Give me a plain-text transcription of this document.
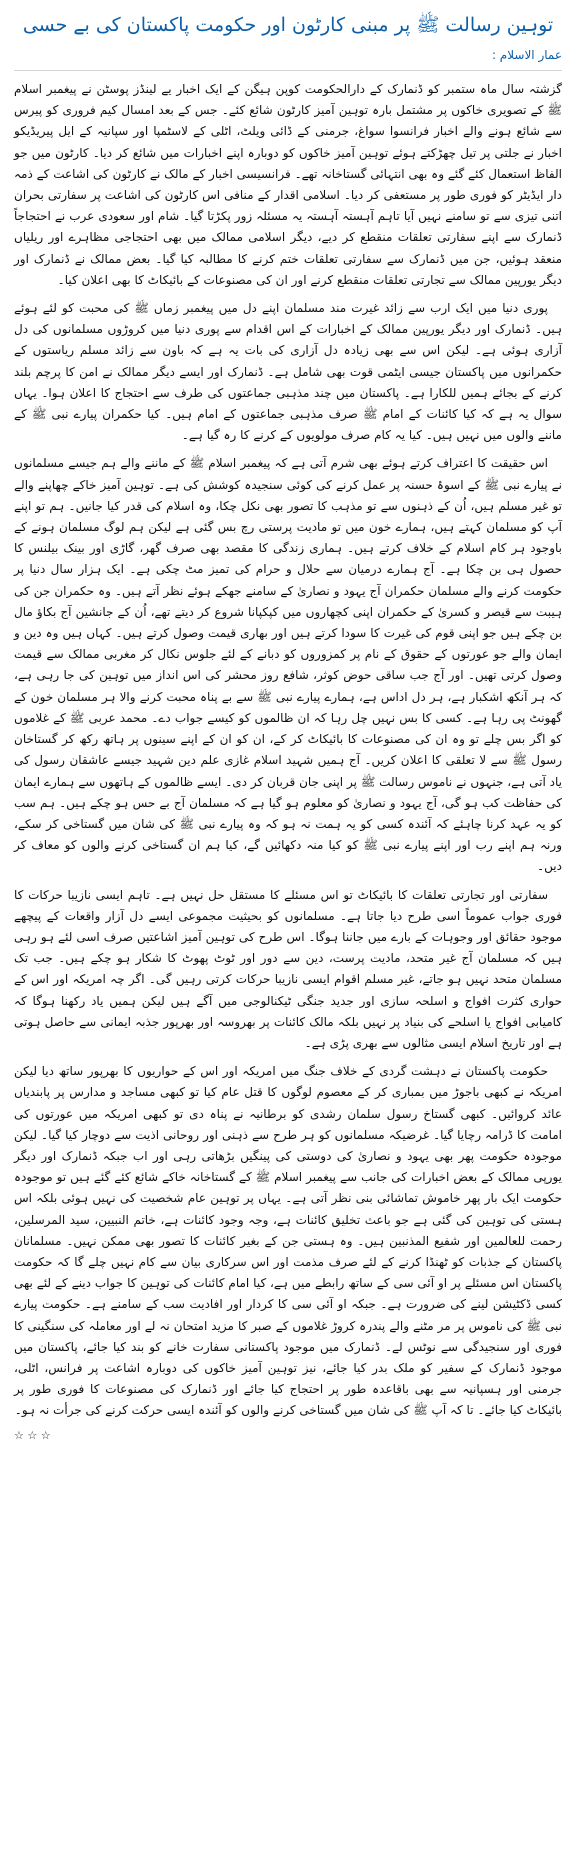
توہین رسالت ﷺ پر مبنی کارٹون اور حکومت پاکستان کی بے حسی
عمار الاسلام :

گزشتہ سال ماہ ستمبر کو ڈنمارک کے دارالحکومت کوپن ہیگن کے ایک اخبار یے لینڈز پوسٹن نے پیغمبر اسلام ﷺ کے تصویری خاکوں پر مشتمل بارہ توہین آمیز کارٹون شائع کئے۔ جس کے بعد امسال کیم فروری کو پیرس سے شائع ہونے والے اخبار فرانسوا سواغ، جرمنی کے ڈائی ویلٹ، اٹلی کے لاسٹمپا اور سپانیہ کے ایل پیریڈیکو اخبار نے جلتی پر تیل چھڑکتے ہوئے توہین آمیز خاکوں کو دوبارہ اپنے اخبارات میں شائع کر دیا۔ کارٹون میں جو الفاظ استعمال کئے گئے وہ بھی انتہائی گستاخانہ تھے۔ فرانسیسی اخبار کے مالک نے کارٹون کی اشاعت کے ذمہ دار ایڈیٹر کو فوری طور پر مستعفی کر دیا۔ اسلامی اقدار کے منافی اس کارٹون کی اشاعت پر سفارتی بحران اتنی تیزی سے تو سامنے نہیں آیا تاہم آہستہ آہستہ یہ مسئلہ زور پکڑتا گیا۔ شام اور سعودی عرب نے احتجاجاً ڈنمارک سے اپنے سفارتی تعلقات منقطع کر دیے، دیگر اسلامی ممالک میں بھی احتجاجی مظاہرے اور ریلیاں منعقد ہوئیں، جن میں ڈنمارک سے سفارتی تعلقات ختم کرنے کا مطالبہ کیا گیا۔ بعض ممالک نے ڈنمارک اور دیگر یورپین ممالک سے تجارتی تعلقات منقطع کرنے اور ان کی مصنوعات کے بائیکاٹ کا بھی اعلان کیا۔

پوری دنیا میں ایک ارب سے زائد غیرت مند مسلمان اپنے دل میں پیغمبر زماں ﷺ کی محبت کو لئے ہوئے ہیں۔ ڈنمارک اور دیگر یورپین ممالک کے اخبارات کے اس اقدام سے پوری دنیا میں کروڑوں مسلمانوں کی دل آزاری ہوئی ہے۔ لیکن اس سے بھی زیادہ دل آزاری کی بات یہ ہے کہ باون سے زائد مسلم ریاستوں کے حکمرانوں میں پاکستان جیسی ایٹمی قوت بھی شامل ہے۔ ڈنمارک اور ایسے دیگر ممالک نے امن کا پرچم بلند کرنے کے بجائے ہمیں للکارا ہے۔ پاکستان میں چند مذہبی جماعتوں کی طرف سے احتجاج کا اعلان ہوا۔ یہاں سوال یہ ہے کہ کیا کائنات کے امام ﷺ صرف مذہبی جماعتوں کے امام ہیں۔ کیا حکمران پیارے نبی ﷺ کے ماننے والوں میں نہیں ہیں۔ کیا یہ کام صرف مولویوں کے کرنے کا رہ گیا ہے۔

اس حقیقت کا اعتراف کرتے ہوئے بھی شرم آتی ہے کہ پیغمبر اسلام ﷺ کے ماننے والے ہم جیسے مسلمانوں نے پیارے نبی ﷺ کے اسوۂ حسنہ پر عمل کرنے کی کوئی سنجیدہ کوشش کی ہے۔ توہین آمیز خاکے چھاپنے والے تو غیر مسلم ہیں، اُن کے ذہنوں سے تو مذہب کا تصور بھی نکل چکا، وہ اسلام کی قدر کیا جانیں۔ ہم تو اپنے آپ کو مسلمان کہتے ہیں، ہمارے خون میں تو مادیت پرستی رچ بس گئی ہے لیکن ہم لوگ مسلمان ہونے کے باوجود ہر کام اسلام کے خلاف کرتے ہیں۔ ہماری زندگی کا مقصد بھی صرف گھر، گاڑی اور بینک بیلنس کا حصول ہی بن چکا ہے۔ آج ہمارے درمیان سے حلال و حرام کی تمیز مٹ چکی ہے۔ ایک ہزار سال دنیا پر حکومت کرنے والے مسلمان حکمران آج یہود و نصاریٰ کے سامنے جھکے ہوئے نظر آتے ہیں۔ وہ حکمران جن کی ہیبت سے قیصر و کسریٰ کے حکمران اپنی کچھاروں میں کپکپانا شروع کر دیتے تھے، اُن کے جانشین آج بکاؤ مال بن چکے ہیں جو اپنی قوم کی غیرت کا سودا کرتے ہیں اور بھاری قیمت وصول کرتے ہیں۔ کہاں ہیں وہ دین و ایمان والے جو عورتوں کے حقوق کے نام پر کمزوروں کو دبانے کے لئے جلوس نکال کر مغربی ممالک سے قیمت وصول کرتی تھیں۔ اور آج جب ساقی حوض کوثر، شافع روز محشر کی اس انداز میں توہین کی جا رہی ہے، کہ ہر آنکھ اشکبار ہے، ہر دل اداس ہے، ہمارے پیارے نبی ﷺ سے بے پناہ محبت کرنے والا ہر مسلمان خون کے گھونٹ پی رہا ہے۔ کسی کا بس نہیں چل رہا کہ ان ظالموں کو کیسے جواب دے۔ محمد عربی ﷺ کے غلاموں کو اگر بس چلے تو وہ ان کی مصنوعات کا بائیکاٹ کر کے، ان کو ان کے اپنے سینوں پر ہاتھ رکھ کر گستاخان رسول ﷺ سے لا تعلقی کا اعلان کریں۔ آج ہمیں شہید اسلام غازی علم دین شہید جیسے عاشقان رسول کی یاد آتی ہے، جنہوں نے ناموس رسالت ﷺ پر اپنی جان قربان کر دی۔ ایسے ظالموں کے ہاتھوں سے ہمارے ایمان کی حفاظت کب ہو گی، آج یہود و نصاریٰ کو معلوم ہو گیا ہے کہ مسلمان آج بے حس ہو چکے ہیں۔ ہم سب کو یہ عہد کرنا چاہئے کہ آئندہ کسی کو یہ ہمت نہ ہو کہ وہ پیارے نبی ﷺ کی شان میں گستاخی کر سکے، ورنہ ہم اپنے رب اور اپنے پیارے نبی ﷺ کو کیا منہ دکھائیں گے، کیا ہم ان گستاخی کرنے والوں کو معاف کر دیں۔

سفارتی اور تجارتی تعلقات کا بائیکاٹ تو اس مسئلے کا مستقل حل نہیں ہے۔ تاہم ایسی نازیبا حرکات کا فوری جواب عموماً اسی طرح دیا جاتا ہے۔ مسلمانوں کو بحیثیت مجموعی ایسے دل آزار واقعات کے پیچھے موجود حقائق اور وجوہات کے بارے میں جاننا ہوگا۔ اس طرح کی توہین آمیز اشاعتیں صرف اسی لئے ہو رہی ہیں کہ مسلمان آج غیر متحد، مادیت پرست، دین سے دور اور ٹوٹ پھوٹ کا شکار ہو چکے ہیں۔ جب تک مسلمان متحد نہیں ہو جاتے، غیر مسلم اقوام ایسی نازیبا حرکات کرتی رہیں گی۔ اگر چہ امریکہ اور اس کے حواری کثرت افواج و اسلحہ سازی اور جدید جنگی ٹیکنالوجی میں آگے ہیں لیکن ہمیں یاد رکھنا ہوگا کہ کامیابی افواج یا اسلحے کی بنیاد پر نہیں بلکہ مالک کائنات پر بھروسہ اور بھرپور جذبہ ایمانی سے حاصل ہوتی ہے اور تاریخ اسلام ایسی مثالوں سے بھری پڑی ہے۔

حکومت پاکستان نے دہشت گردی کے خلاف جنگ میں امریکہ اور اس کے حواریوں کا بھرپور ساتھ دیا لیکن امریکہ نے کبھی باجوڑ میں بمباری کر کے معصوم لوگوں کا قتل عام کیا تو کبھی مساجد و مدارس پر پابندیاں عائد کروائیں۔ کبھی گستاخ رسول سلمان رشدی کو برطانیہ نے پناہ دی تو کبھی امریکہ میں عورتوں کی امامت کا ڈرامہ رچایا گیا۔ غرضیکہ مسلمانوں کو ہر طرح سے ذہنی اور روحانی اذیت سے دوچار کیا گیا۔ لیکن موجودہ حکومت پھر بھی یہود و نصاریٰ کی دوستی کی پینگیں بڑھاتی رہی اور اب جبکہ ڈنمارک اور دیگر یورپی ممالک کے بعض اخبارات کی جانب سے پیغمبر اسلام ﷺ کے گستاخانہ خاکے شائع کئے گئے ہیں تو موجودہ حکومت ایک بار پھر خاموش تماشائی بنی نظر آتی ہے۔ یہاں پر توہین عام شخصیت کی نہیں ہوئی بلکہ اس ہستی کی توہین کی گئی ہے جو باعث تخلیق کائنات ہے، وجہ وجود کائنات ہے، خاتم النبیین، سید المرسلین، رحمت للعالمین اور شفیع المذنبین ہیں۔ وہ ہستی جن کے بغیر کائنات کا تصور بھی ممکن نہیں۔ مسلمانان پاکستان کے جذبات کو ٹھنڈا کرنے کے لئے صرف مذمت اور اس سرکاری بیان سے کام نہیں چلے گا کہ حکومت پاکستان اس مسئلے پر او آئی سی کے ساتھ رابطے میں ہے، کیا امام کائنات کی توہین کا جواب دینے کے لئے بھی کسی ڈکٹیشن لینے کی ضرورت ہے۔ جبکہ او آئی سی کا کردار اور افادیت سب کے سامنے ہے۔ حکومت پیارے نبی ﷺ کی ناموس پر مر مٹنے والے پندرہ کروڑ غلاموں کے صبر کا مزید امتحان نہ لے اور معاملہ کی سنگینی کا فوری اور سنجیدگی سے نوٹس لے۔ ڈنمارک میں موجود پاکستانی سفارت خانے کو بند کیا جائے، پاکستان میں موجود ڈنمارک کے سفیر کو ملک بدر کیا جائے، نیز توہین آمیز خاکوں کی دوبارہ اشاعت پر فرانس، اٹلی، جرمنی اور ہسپانیہ سے بھی باقاعدہ طور پر احتجاج کیا جائے اور ڈنمارک کی مصنوعات کا فوری طور پر بائیکاٹ کیا جائے۔ تا کہ آپ ﷺ کی شان میں گستاخی کرنے والوں کو آئندہ ایسی حرکت کرنے کی جرأت نہ ہو۔

☆ ☆ ☆
